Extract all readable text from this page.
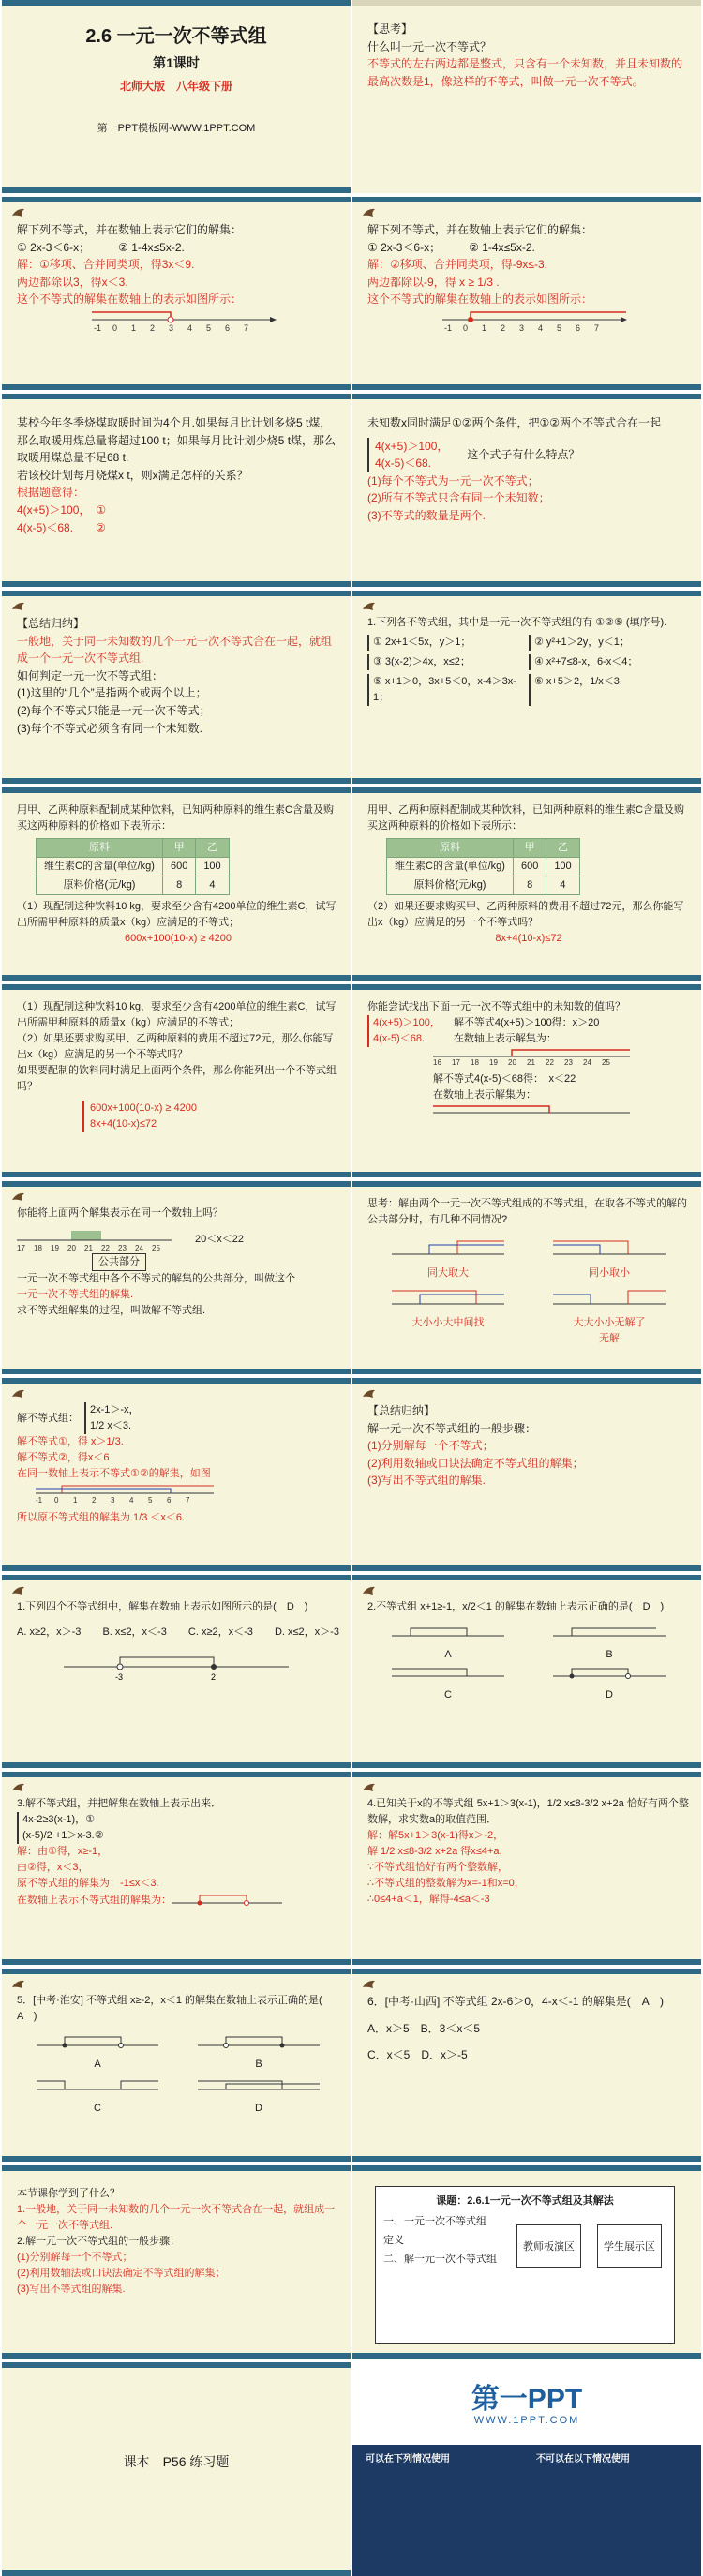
2.6 一元一次不等式组
第1课时
北师大版　八年级下册
第一PPT模板网-WWW.1PPT.COM
【思考】
什么叫一元一次不等式？
不等式的左右两边都是整式，只含有一个未知数，并且未知数的最高次数是1，像这样的不等式，叫做一元一次不等式。
解下列不等式，并在数轴上表示它们的解集：
① 2x-3＜6-x；　　　	② 1-4x≤5x-2.
解：①移项、合并同类项，得3x＜9.
两边都除以3，得x＜3.
这个不等式的解集在数轴上的表示如图所示：
-1 0 1 2 3 4 5 6 7
解下列不等式，并在数轴上表示它们的解集：
① 2x-3＜6-x；　　　	② 1-4x≤5x-2.
解：②移项、合并同类项，得-9x≤-3.
两边都除以-9，得 x ≥ 1/3 .
这个不等式的解集在数轴上的表示如图所示：
-1 0 1 2 3 4 5 6 7
某校今年冬季烧煤取暖时间为4个月.如果每月比计划多烧5 t煤，那么取暖用煤总量将超过100 t；如果每月比计划少烧5 t煤，那么取暖用煤总量不足68 t.
若该校计划每月烧煤x t，则x满足怎样的关系？
根据题意得：
4(x+5)＞100，　①
4(x-5)＜68.　　②
未知数x同时满足①②两个条件，把①②两个不等式合在一起
4(x+5)＞100，
4(x-5)＜68.
这个式子有什么特点？
(1)每个不等式为一元一次不等式；
(2)所有不等式只含有同一个未知数；
(3)不等式的数量是两个.
【总结归纳】
一般地，关于同一未知数的几个一元一次不等式合在一起，就组成一个一元一次不等式组.
如何判定一元一次不等式组：
(1)这里的“几个”是指两个或两个以上；
(2)每个不等式只能是一元一次不等式；
(3)每个不等式必须含有同一个未知数.
1.下列各不等式组，其中是一元一次不等式组的有 ①②⑤ (填序号).
① 2x+1＜5x，y＞1；	② y²+1＞2y，y＜1；
③ 3(x-2)＞4x，x≤2；	④ x²+7≤8-x，6-x＜4；
⑤ x+1＞0，3x+5＜0，x-4＞3x-1；
⑥ x+5＞2，1/x＜3.
用甲、乙两种原料配制成某种饮料，已知两种原料的维生素C含量及购买这两种原料的价格如下表所示：
原料	甲	乙
维生素C的含量(单位/kg)	600	100
原料价格(元/kg)	8	4
（1）现配制这种饮料10 kg，要求至少含有4200单位的维生素C，试写出所需甲种原料的质量x（kg）应满足的不等式；
600x+100(10-x) ≥ 4200
用甲、乙两种原料配制成某种饮料，已知两种原料的维生素C含量及购买这两种原料的价格如下表所示：
原料	甲	乙
维生素C的含量(单位/kg)	600	100
原料价格(元/kg)	8	4
（2）如果还要求购买甲、乙两种原料的费用不超过72元，那么你能写出x（kg）应满足的另一个不等式吗？
8x+4(10-x)≤72
（1）现配制这种饮料10 kg，要求至少含有4200单位的维生素C，试写出所需甲种原料的质量x（kg）应满足的不等式；
（2）如果还要求购买甲、乙两种原料的费用不超过72元，那么你能写出x（kg）应满足的另一个不等式吗？
如果要配制的饮料同时满足上面两个条件，那么你能列出一个不等式组吗？
600x+100(10-x) ≥ 4200
8x+4(10-x)≤72
你能尝试找出下面一元一次不等式组中的未知数的值吗？
4(x+5)＞100，
4(x-5)＜68.
解不等式4(x+5)＞100得：x＞20
在数轴上表示解集为：
16 17 18 19 20 21 22 23 24 25
解不等式4(x-5)＜68得：　x＜22
在数轴上表示解集为：
你能将上面两个解集表示在同一个数轴上吗？
17 18 19 20 21 22 23 24 25
20＜x＜22
公共部分
一元一次不等式组中各个不等式的解集的公共部分，叫做这个
一元一次不等式组的解集.
求不等式组解集的过程，叫做解不等式组.
思考：解由两个一元一次不等式组成的不等式组，在取各不等式的解的公共部分时，有几种不同情况?
同大取大	同小取小
大小小大中间找	大大小小无解了
无解
解不等式组：
2x-1＞-x，
1/2 x＜3.
解不等式①，得 x＞1/3.
解不等式②，得x＜6
在同一数轴上表示不等式①②的解集，如图
-1 0 1 2 3 4 5 6 7
所以原不等式组的解集为 1/3 ＜x＜6.
【总结归纳】
解一元一次不等式组的一般步骤：
(1)分别解每一个不等式；
(2)利用数轴或口诀法确定不等式组的解集；
(3)写出不等式组的解集.
1.下列四个不等式组中，解集在数轴上表示如图所示的是(　D　)
A. x≥2，x＞-3 B. x≤2，x＜-3 C. x≥2，x＜-3 D. x≤2，x＞-3
-3	2
2.不等式组 x+1≥-1，x/2＜1 的解集在数轴上表示正确的是(　D　)
A	B
C	D
3.解不等式组，并把解集在数轴上表示出来．
4x-2≥3(x-1)，①
(x-5)/2 +1＞x-3.②
解：由①得，x≥-1，
由②得，x＜3，
原不等式组的解集为：-1≤x＜3.
在数轴上表示不等式组的解集为：
4.已知关于x的不等式组 5x+1＞3(x-1)，1/2 x≤8-3/2 x+2a 恰好有两个整数解，求实数a的取值范围．
解：解5x+1＞3(x-1)得x＞-2，
解 1/2 x≤8-3/2 x+2a 得x≤4+a.
∵不等式组恰好有两个整数解，
∴不等式组的整数解为x=-1和x=0，
∴0≤4+a＜1，解得-4≤a＜-3
5．[中考·淮安] 不等式组 x≥-2，x＜1 的解集在数轴上表示正确的是(　A　)
A	B
C	D
6．[中考·山西] 不等式组 2x-6＞0，4-x＜-1 的解集是(　A　)
A．x＞5　B．3＜x＜5
C．x＜5　D．x＞-5
本节课你学到了什么？
1.一般地，关于同一未知数的几个一元一次不等式合在一起，就组成一个一元一次不等式组.
2.解一元一次不等式组的一般步骤：
(1)分别解每一个不等式；
(2)利用数轴法或口诀法确定不等式组的解集；
(3)写出不等式组的解集.
课题：2.6.1一元一次不等式组及其解法
一、一元一次不等式组
定义
二、解一元一次不等式组
教师板演区	学生展示区
课本　P56 练习题
第一PPT
WWW.1PPT.COM
可以在下列情况使用	不可以在以下情况使用
